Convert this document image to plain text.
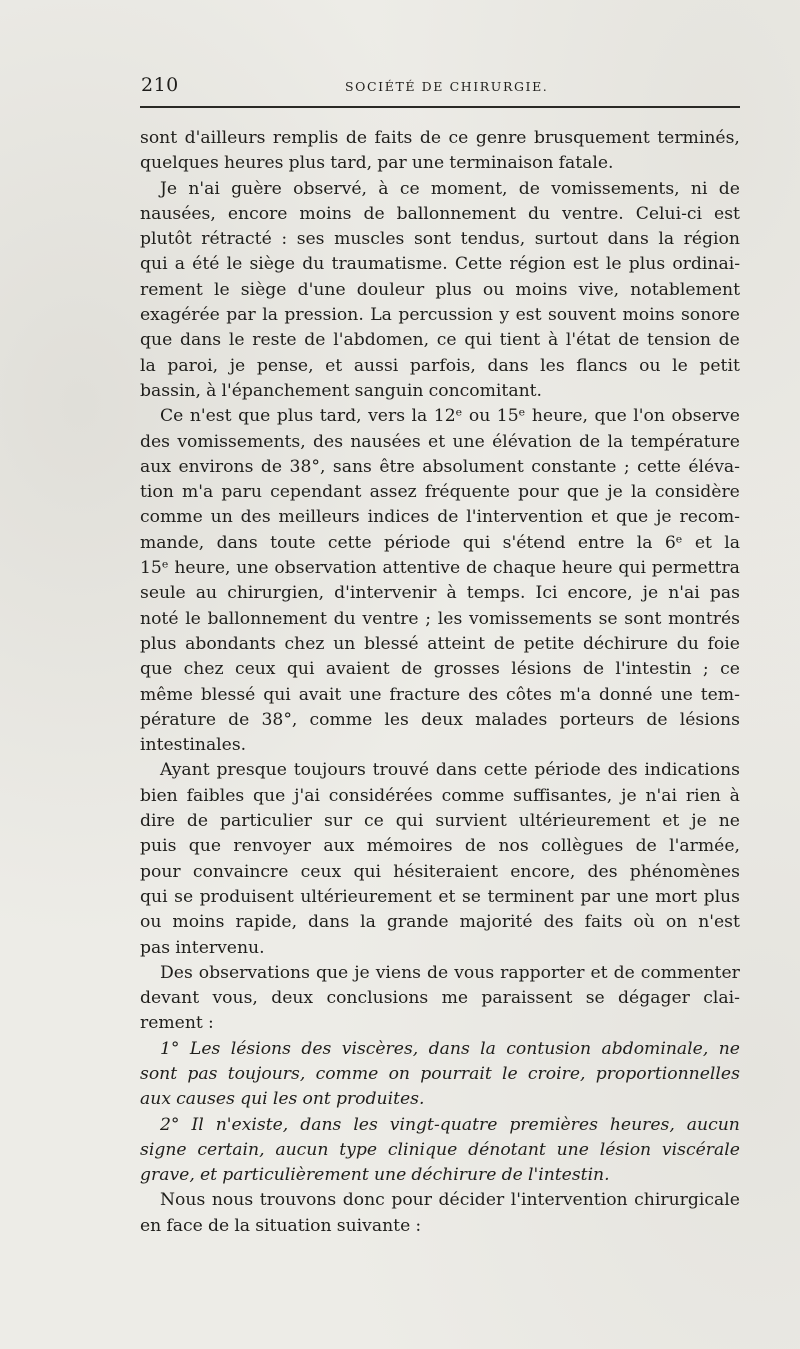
210	SOCIÉTÉ DE CHIRURGIE.
sont d'ailleurs remplis de faits de ce genre brusquement terminés,
quelques heures plus tard, par une terminaison fatale.
Je n'ai guère observé, à ce moment, de vomissements, ni de
nausées, encore moins de ballonnement du ventre. Celui-ci est
plutôt rétracté : ses muscles sont tendus, surtout dans la région
qui a été le siège du traumatisme. Cette région est le plus ordinai-
rement le siège d'une douleur plus ou moins vive, notablement
exagérée par la pression. La percussion y est souvent moins sonore
que dans le reste de l'abdomen, ce qui tient à l'état de tension de
la paroi, je pense, et aussi parfois, dans les flancs ou le petit
bassin, à l'épanchement sanguin concomitant.
Ce n'est que plus tard, vers la 12ᵉ ou 15ᵉ heure, que l'on observe
des vomissements, des nausées et une élévation de la température
aux environs de 38°, sans être absolument constante ; cette éléva-
tion m'a paru cependant assez fréquente pour que je la considère
comme un des meilleurs indices de l'intervention et que je recom-
mande, dans toute cette période qui s'étend entre la 6ᵉ et la
15ᵉ heure, une observation attentive de chaque heure qui permettra
seule au chirurgien, d'intervenir à temps. Ici encore, je n'ai pas
noté le ballonnement du ventre ; les vomissements se sont montrés
plus abondants chez un blessé atteint de petite déchirure du foie
que chez ceux qui avaient de grosses lésions de l'intestin ; ce
même blessé qui avait une fracture des côtes m'a donné une tem-
pérature de 38°, comme les deux malades porteurs de lésions
intestinales.
Ayant presque toujours trouvé dans cette période des indications
bien faibles que j'ai considérées comme suffisantes, je n'ai rien à
dire de particulier sur ce qui survient ultérieurement et je ne
puis que renvoyer aux mémoires de nos collègues de l'armée,
pour convaincre ceux qui hésiteraient encore, des phénomènes
qui se produisent ultérieurement et se terminent par une mort plus
ou moins rapide, dans la grande majorité des faits où on n'est
pas intervenu.
Des observations que je viens de vous rapporter et de commenter
devant vous, deux conclusions me paraissent se dégager clai-
rement :
1° Les lésions des viscères, dans la contusion abdominale, ne
sont pas toujours, comme on pourrait le croire, proportionnelles
aux causes qui les ont produites.
2° Il n'existe, dans les vingt-quatre premières heures, aucun
signe certain, aucun type clinique dénotant une lésion viscérale
grave, et particulièrement une déchirure de l'intestin.
Nous nous trouvons donc pour décider l'intervention chirurgicale
en face de la situation suivante :
